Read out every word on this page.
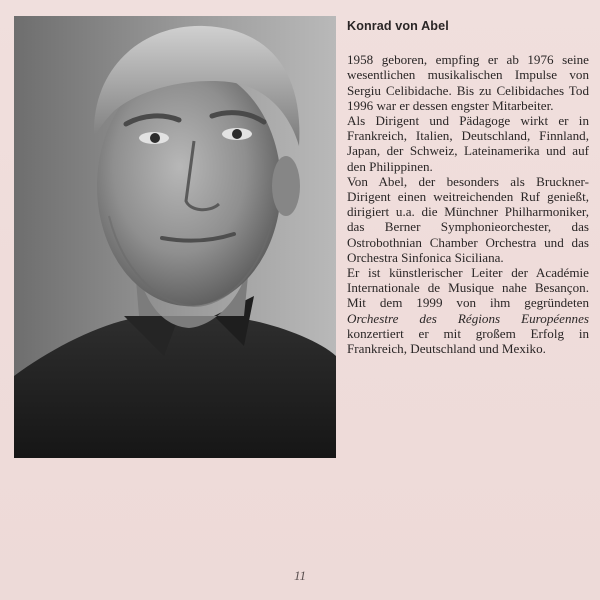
Konrad von Abel

1958 geboren, empfing er ab 1976 seine wesentlichen musikalischen Impulse von Sergiu Celibidache. Bis zu Celibidaches Tod 1996 war er dessen engster Mitarbeiter.

Als Dirigent und Pädagoge wirkt er in Frankreich, Italien, Deutschland, Finnland, Japan, der Schweiz, Lateinamerika und auf den Philippinen.

Von Abel, der besonders als Bruckner-Dirigent einen weitreichenden Ruf genießt, dirigiert u.a. die Münchner Philharmoniker, das Berner Symphonieorchester, das Ostrobothnian Chamber Orchestra und das Orchestra Sinfonica Siciliana.

Er ist künstlerischer Leiter der Académie Internationale de Musique nahe Besançon. Mit dem 1999 von ihm gegründeten Orchestre des Régions Européennes konzertiert er mit großem Erfolg in Frankreich, Deutschland und Mexiko.

11
